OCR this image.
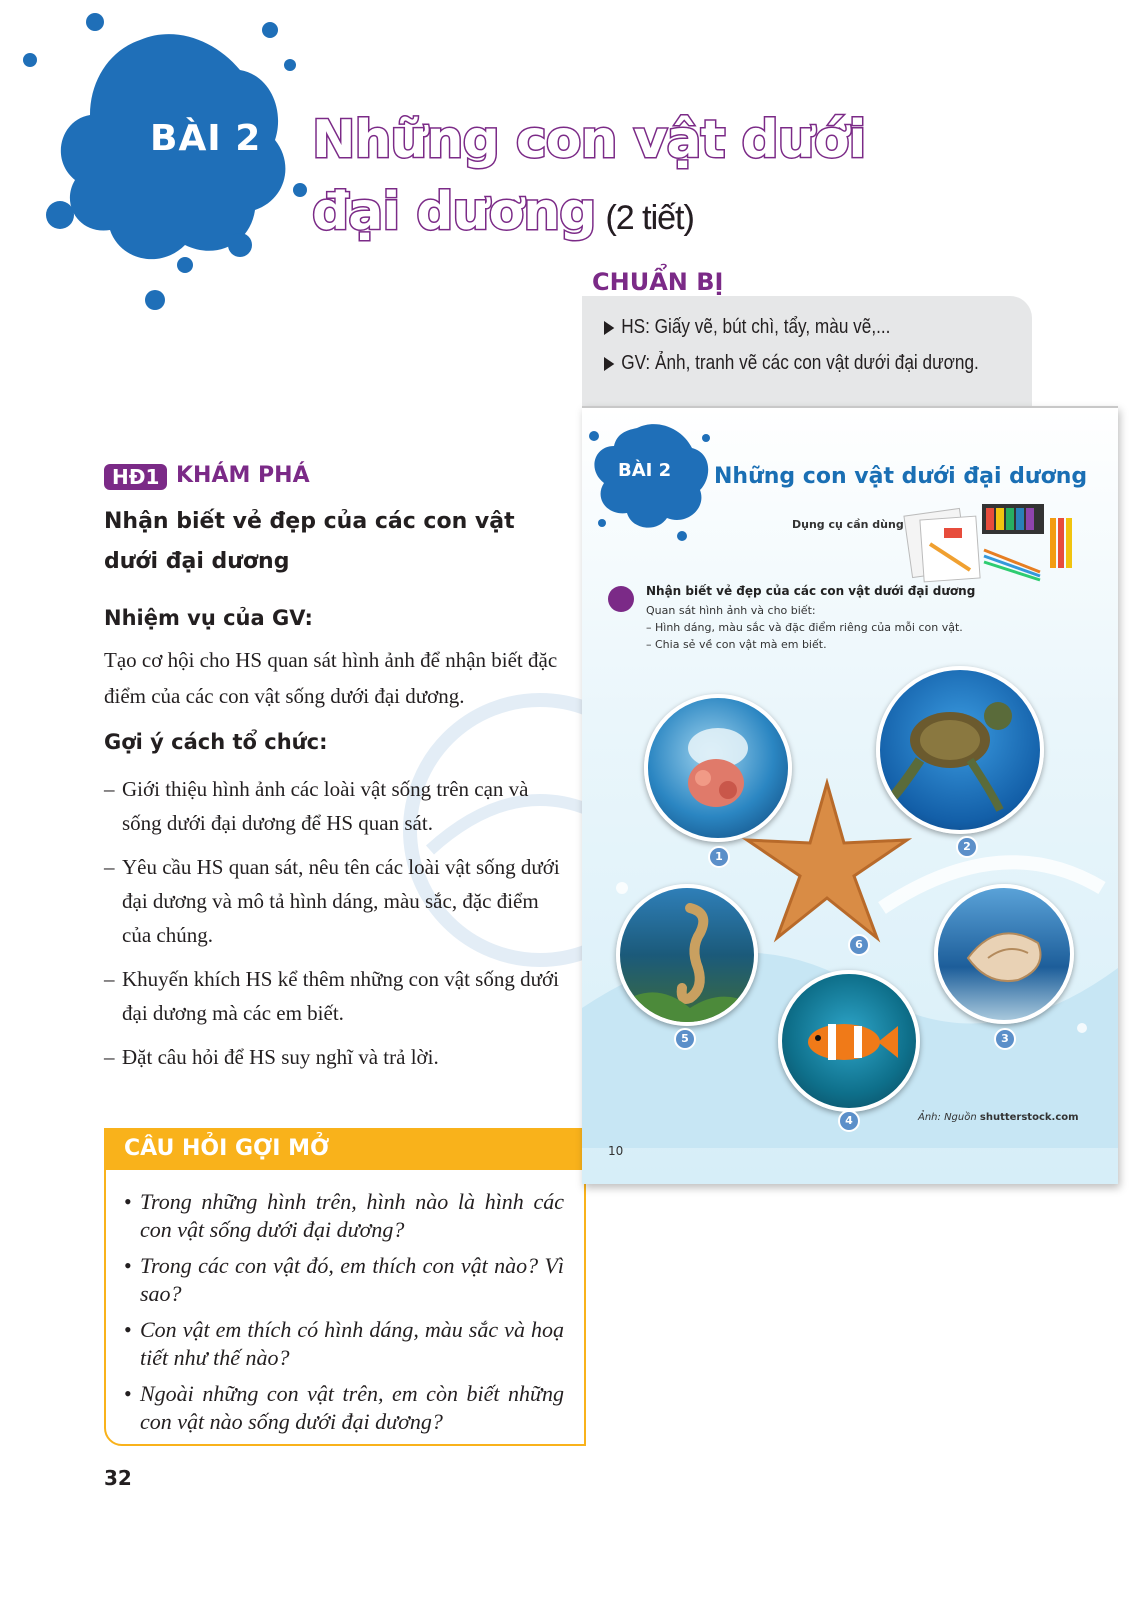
BÀI 2 Những con vật dưới
đại dương (2 tiết)
CHUẨN BỊ
HS: Giấy vẽ, bút chì, tẩy, màu vẽ,...
GV: Ảnh, tranh vẽ các con vật dưới đại dương.
HĐ1 KHÁM PHÁ
Nhận biết vẻ đẹp của các con vật dưới đại dương
Nhiệm vụ của GV:
Tạo cơ hội cho HS quan sát hình ảnh để nhận biết đặc điểm của các con vật sống dưới đại dương.
Gợi ý cách tổ chức:
– Giới thiệu hình ảnh các loài vật sống trên cạn và sống dưới đại dương để HS quan sát.
– Yêu cầu HS quan sát, nêu tên các loài vật sống dưới đại dương và mô tả hình dáng, màu sắc, đặc điểm của chúng.
– Khuyến khích HS kể thêm những con vật sống dưới đại dương mà các em biết.
– Đặt câu hỏi để HS suy nghĩ và trả lời.
CÂU HỎI GỢI MỞ
• Trong những hình trên, hình nào là hình các con vật sống dưới đại dương?
• Trong các con vật đó, em thích con vật nào? Vì sao?
• Con vật em thích có hình dáng, màu sắc và hoạ tiết như thế nào?
• Ngoài những con vật trên, em còn biết những con vật nào sống dưới đại dương?
32
BÀI 2 Những con vật dưới đại dương
Dụng cụ cần dùng
Nhận biết vẻ đẹp của các con vật dưới đại dương
Quan sát hình ảnh và cho biết:
– Hình dáng, màu sắc và đặc điểm riêng của mỗi con vật.
– Chia sẻ về con vật mà em biết.
1
2
6
3
4
5
Ảnh: Nguồn shutterstock.com
10
